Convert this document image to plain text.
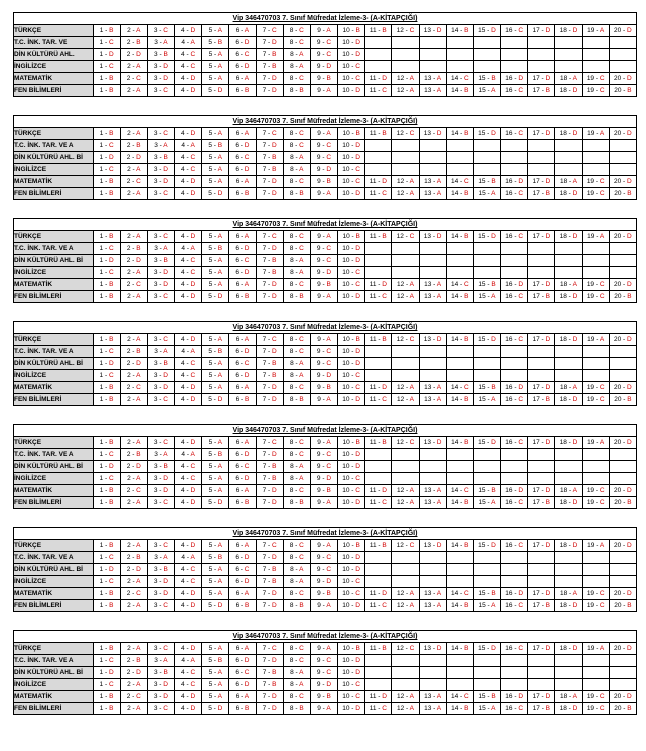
Vip 346470703 7. Sınıf Müfredat İzleme-3- (A-KİTAPÇIĞI)
TÜRKÇE	1 - B	2 - A	3 - C	4 - D	5 - A	6 - A	7 - C	8 - C	9 - A	10 - B	11 - B	12 - C	13 - D	14 - B	15 - D	16 - C	17 - D	18 - D	19 - A	20 - D
T.C. İNK. TAR. VE	1 - C	2 - B	3 - A	4 - A	5 - B	6 - D	7 - D	8 - C	9 - C	10 - D										
DİN KÜLTÜRÜ AHL.	1 - D	2 - D	3 - B	4 - C	5 - A	6 - C	7 - B	8 - A	9 - C	10 - D										
İNGİLİZCE	1 - C	2 - A	3 - D	4 - C	5 - A	6 - D	7 - B	8 - A	9 - D	10 - C										
MATEMATİK	1 - B	2 - C	3 - D	4 - D	5 - A	6 - A	7 - D	8 - C	9 - B	10 - C	11 - D	12 - A	13 - A	14 - C	15 - B	16 - D	17 - D	18 - A	19 - C	20 - D
FEN BİLİMLERİ	1 - B	2 - A	3 - C	4 - D	5 - D	6 - B	7 - D	8 - B	9 - A	10 - D	11 - C	12 - A	13 - A	14 - B	15 - A	16 - C	17 - B	18 - D	19 - C	20 - B
Vip 346470703 7. Sınıf Müfredat İzleme-3- (A-KİTAPÇIĞI)
TÜRKÇE	1 - B	2 - A	3 - C	4 - D	5 - A	6 - A	7 - C	8 - C	9 - A	10 - B	11 - B	12 - C	13 - D	14 - B	15 - D	16 - C	17 - D	18 - D	19 - A	20 - D
T.C. İNK. TAR. VE A	1 - C	2 - B	3 - A	4 - A	5 - B	6 - D	7 - D	8 - C	9 - C	10 - D										
DİN KÜLTÜRÜ AHL. Bİ	1 - D	2 - D	3 - B	4 - C	5 - A	6 - C	7 - B	8 - A	9 - C	10 - D										
İNGİLİZCE	1 - C	2 - A	3 - D	4 - C	5 - A	6 - D	7 - B	8 - A	9 - D	10 - C										
MATEMATİK	1 - B	2 - C	3 - D	4 - D	5 - A	6 - A	7 - D	8 - C	9 - B	10 - C	11 - D	12 - A	13 - A	14 - C	15 - B	16 - D	17 - D	18 - A	19 - C	20 - D
FEN BİLİMLERİ	1 - B	2 - A	3 - C	4 - D	5 - D	6 - B	7 - D	8 - B	9 - A	10 - D	11 - C	12 - A	13 - A	14 - B	15 - A	16 - C	17 - B	18 - D	19 - C	20 - B
Vip 346470703 7. Sınıf Müfredat İzleme-3- (A-KİTAPÇIĞI)
TÜRKÇE	1 - B	2 - A	3 - C	4 - D	5 - A	6 - A	7 - C	8 - C	9 - A	10 - B	11 - B	12 - C	13 - D	14 - B	15 - D	16 - C	17 - D	18 - D	19 - A	20 - D
T.C. İNK. TAR. VE A	1 - C	2 - B	3 - A	4 - A	5 - B	6 - D	7 - D	8 - C	9 - C	10 - D										
DİN KÜLTÜRÜ AHL. Bİ	1 - D	2 - D	3 - B	4 - C	5 - A	6 - C	7 - B	8 - A	9 - C	10 - D										
İNGİLİZCE	1 - C	2 - A	3 - D	4 - C	5 - A	6 - D	7 - B	8 - A	9 - D	10 - C										
MATEMATİK	1 - B	2 - C	3 - D	4 - D	5 - A	6 - A	7 - D	8 - C	9 - B	10 - C	11 - D	12 - A	13 - A	14 - C	15 - B	16 - D	17 - D	18 - A	19 - C	20 - D
FEN BİLİMLERİ	1 - B	2 - A	3 - C	4 - D	5 - D	6 - B	7 - D	8 - B	9 - A	10 - D	11 - C	12 - A	13 - A	14 - B	15 - A	16 - C	17 - B	18 - D	19 - C	20 - B
Vip 346470703 7. Sınıf Müfredat İzleme-3- (A-KİTAPÇIĞI)
TÜRKÇE	1 - B	2 - A	3 - C	4 - D	5 - A	6 - A	7 - C	8 - C	9 - A	10 - B	11 - B	12 - C	13 - D	14 - B	15 - D	16 - C	17 - D	18 - D	19 - A	20 - D
T.C. İNK. TAR. VE A	1 - C	2 - B	3 - A	4 - A	5 - B	6 - D	7 - D	8 - C	9 - C	10 - D										
DİN KÜLTÜRÜ AHL. Bİ	1 - D	2 - D	3 - B	4 - C	5 - A	6 - C	7 - B	8 - A	9 - C	10 - D										
İNGİLİZCE	1 - C	2 - A	3 - D	4 - C	5 - A	6 - D	7 - B	8 - A	9 - D	10 - C										
MATEMATİK	1 - B	2 - C	3 - D	4 - D	5 - A	6 - A	7 - D	8 - C	9 - B	10 - C	11 - D	12 - A	13 - A	14 - C	15 - B	16 - D	17 - D	18 - A	19 - C	20 - D
FEN BİLİMLERİ	1 - B	2 - A	3 - C	4 - D	5 - D	6 - B	7 - D	8 - B	9 - A	10 - D	11 - C	12 - A	13 - A	14 - B	15 - A	16 - C	17 - B	18 - D	19 - C	20 - B
Vip 346470703 7. Sınıf Müfredat İzleme-3- (A-KİTAPÇIĞI)
TÜRKÇE	1 - B	2 - A	3 - C	4 - D	5 - A	6 - A	7 - C	8 - C	9 - A	10 - B	11 - B	12 - C	13 - D	14 - B	15 - D	16 - C	17 - D	18 - D	19 - A	20 - D
T.C. İNK. TAR. VE A	1 - C	2 - B	3 - A	4 - A	5 - B	6 - D	7 - D	8 - C	9 - C	10 - D										
DİN KÜLTÜRÜ AHL. Bİ	1 - D	2 - D	3 - B	4 - C	5 - A	6 - C	7 - B	8 - A	9 - C	10 - D										
İNGİLİZCE	1 - C	2 - A	3 - D	4 - C	5 - A	6 - D	7 - B	8 - A	9 - D	10 - C										
MATEMATİK	1 - B	2 - C	3 - D	4 - D	5 - A	6 - A	7 - D	8 - C	9 - B	10 - C	11 - D	12 - A	13 - A	14 - C	15 - B	16 - D	17 - D	18 - A	19 - C	20 - D
FEN BİLİMLERİ	1 - B	2 - A	3 - C	4 - D	5 - D	6 - B	7 - D	8 - B	9 - A	10 - D	11 - C	12 - A	13 - A	14 - B	15 - A	16 - C	17 - B	18 - D	19 - C	20 - B
Vip 346470703 7. Sınıf Müfredat İzleme-3- (A-KİTAPÇIĞI)
TÜRKÇE	1 - B	2 - A	3 - C	4 - D	5 - A	6 - A	7 - C	8 - C	9 - A	10 - B	11 - B	12 - C	13 - D	14 - B	15 - D	16 - C	17 - D	18 - D	19 - A	20 - D
T.C. İNK. TAR. VE A	1 - C	2 - B	3 - A	4 - A	5 - B	6 - D	7 - D	8 - C	9 - C	10 - D										
DİN KÜLTÜRÜ AHL. Bİ	1 - D	2 - D	3 - B	4 - C	5 - A	6 - C	7 - B	8 - A	9 - C	10 - D										
İNGİLİZCE	1 - C	2 - A	3 - D	4 - C	5 - A	6 - D	7 - B	8 - A	9 - D	10 - C										
MATEMATİK	1 - B	2 - C	3 - D	4 - D	5 - A	6 - A	7 - D	8 - C	9 - B	10 - C	11 - D	12 - A	13 - A	14 - C	15 - B	16 - D	17 - D	18 - A	19 - C	20 - D
FEN BİLİMLERİ	1 - B	2 - A	3 - C	4 - D	5 - D	6 - B	7 - D	8 - B	9 - A	10 - D	11 - C	12 - A	13 - A	14 - B	15 - A	16 - C	17 - B	18 - D	19 - C	20 - B
Vip 346470703 7. Sınıf Müfredat İzleme-3- (A-KİTAPÇIĞI)
TÜRKÇE	1 - B	2 - A	3 - C	4 - D	5 - A	6 - A	7 - C	8 - C	9 - A	10 - B	11 - B	12 - C	13 - D	14 - B	15 - D	16 - C	17 - D	18 - D	19 - A	20 - D
T.C. İNK. TAR. VE A	1 - C	2 - B	3 - A	4 - A	5 - B	6 - D	7 - D	8 - C	9 - C	10 - D										
DİN KÜLTÜRÜ AHL. Bİ	1 - D	2 - D	3 - B	4 - C	5 - A	6 - C	7 - B	8 - A	9 - C	10 - D										
İNGİLİZCE	1 - C	2 - A	3 - D	4 - C	5 - A	6 - D	7 - B	8 - A	9 - D	10 - C										
MATEMATİK	1 - B	2 - C	3 - D	4 - D	5 - A	6 - A	7 - D	8 - C	9 - B	10 - C	11 - D	12 - A	13 - A	14 - C	15 - B	16 - D	17 - D	18 - A	19 - C	20 - D
FEN BİLİMLERİ	1 - B	2 - A	3 - C	4 - D	5 - D	6 - B	7 - D	8 - B	9 - A	10 - D	11 - C	12 - A	13 - A	14 - B	15 - A	16 - C	17 - B	18 - D	19 - C	20 - B
